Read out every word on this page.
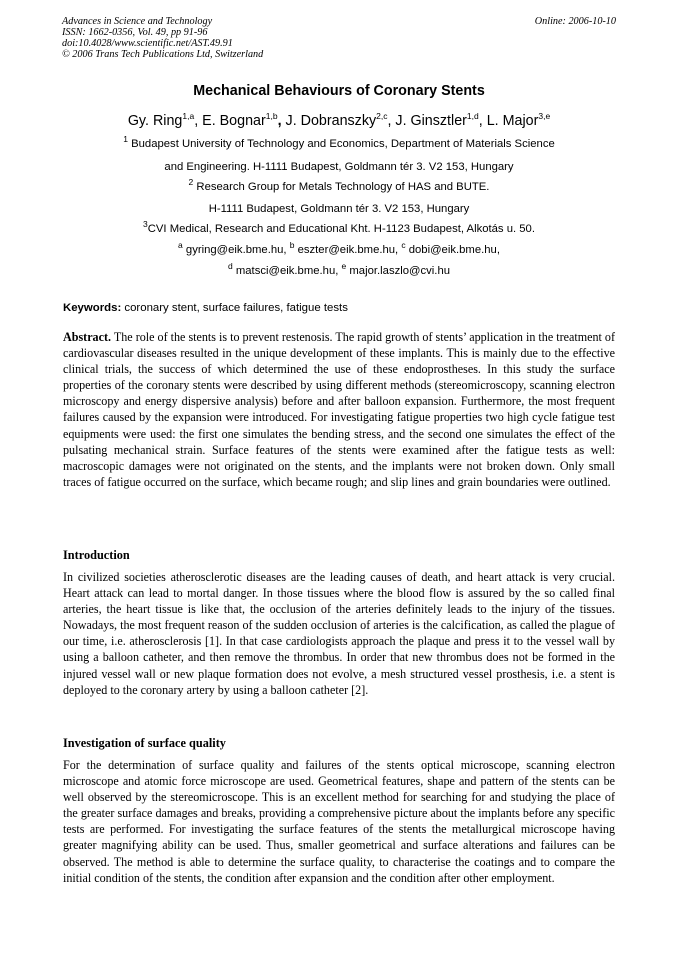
Advances in Science and Technology
ISSN: 1662-0356, Vol. 49, pp 91-96
doi:10.4028/www.scientific.net/AST.49.91
© 2006 Trans Tech Publications Ltd, Switzerland
Online: 2006-10-10
Mechanical Behaviours of Coronary Stents
Gy. Ring$^{1,a}$, E. Bognar$^{1,b}$, J. Dobranszky$^{2,c}$, J. Ginsztler$^{1,d}$, L. Major$^{3,e}$
$^1$ Budapest University of Technology and Economics, Department of Materials Science
and Engineering. H-1111 Budapest, Goldmann tér 3. V2 153, Hungary
$^2$ Research Group for Metals Technology of HAS and BUTE.
H-1111 Budapest, Goldmann tér 3. V2 153, Hungary
$^3$CVI Medical, Research and Educational Kht. H-1123 Budapest, Alkotás u. 50.
$^a$ gyring@eik.bme.hu, $^b$ eszter@eik.bme.hu, $^c$ dobi@eik.bme.hu,
$^d$ matsci@eik.bme.hu, $^e$ major.laszlo@cvi.hu
Keywords: coronary stent, surface failures, fatigue tests
Abstract. The role of the stents is to prevent restenosis. The rapid growth of stents’ application in the treatment of cardiovascular diseases resulted in the unique development of these implants. This is mainly due to the effective clinical trials, the success of which determined the use of these endoprostheses. In this study the surface properties of the coronary stents were described by using different methods (stereomicroscopy, scanning electron microscopy and energy dispersive analysis) before and after balloon expansion. Furthermore, the most frequent failures caused by the expansion were introduced. For investigating fatigue properties two high cycle fatigue test equipments were used: the first one simulates the bending stress, and the second one simulates the effect of the pulsating mechanical strain. Surface features of the stents were examined after the fatigue tests as well: macroscopic damages were not originated on the stents, and the implants were not broken down. Only small traces of fatigue occurred on the surface, which became rough; and slip lines and grain boundaries were outlined.
Introduction
In civilized societies atherosclerotic diseases are the leading causes of death, and heart attack is very crucial. Heart attack can lead to mortal danger. In those tissues where the blood flow is assured by the so called final arteries, the heart tissue is like that, the occlusion of the arteries definitely leads to the injury of the tissues. Nowadays, the most frequent reason of the sudden occlusion of arteries is the calcification, as called the plague of our time, i.e. atherosclerosis [1]. In that case cardiologists approach the plaque and press it to the vessel wall by using a balloon catheter, and then remove the thrombus. In order that new thrombus does not be formed in the injured vessel wall or new plaque formation does not evolve, a mesh structured vessel prosthesis, i.e. a stent is deployed to the coronary artery by using a balloon catheter [2].
Investigation of surface quality
For the determination of surface quality and failures of the stents optical microscope, scanning electron microscope and atomic force microscope are used. Geometrical features, shape and pattern of the stents can be well observed by the stereomicroscope. This is an excellent method for searching for and studying the place of the greater surface damages and breaks, providing a comprehensive picture about the implants before any specific tests are performed. For investigating the surface features of the stents the metallurgical microscope having greater magnifying ability can be used. Thus, smaller geometrical and surface alterations and failures can be observed. The method is able to determine the surface quality, to characterise the coatings and to compare the initial condition of the stents, the condition after expansion and the condition after other employment.
